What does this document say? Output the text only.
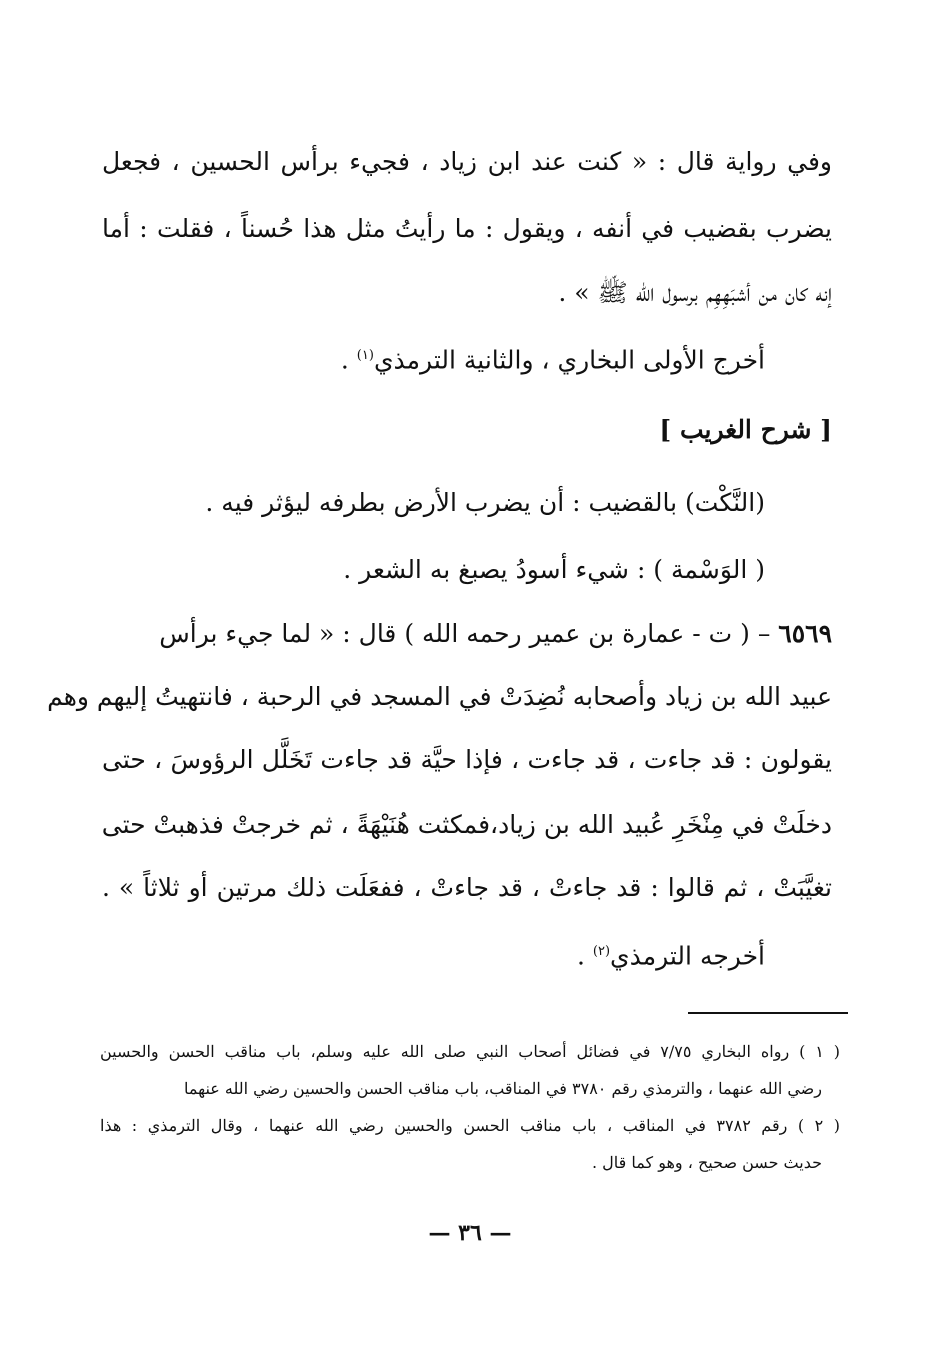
وفي رواية قال : « كنت عند ابن زياد ، فجيء برأس الحسين ، فجعل
يضرب بقضيب في أنفه ، ويقول : ما رأيتُ مثل هذا حُسناً ، فقلت : أما
إنه كان من أشبَهِهِم برسول الله ﷺ » .
أخرج الأولى البخاري ، والثانية الترمذي$^{(١)}$ .
[ شرح الغريب ]
(النَّكْت) بالقضيب : أن يضرب الأرض بطرفه ليؤثر فيه .
( الوَسْمة ) : شيء أسودُ يصبغ به الشعر .
٦٥٦٩ – ( ت - عمارة بن عمير رحمه الله ) قال : « لما جيء برأس
عبيد الله بن زياد وأصحابه نُضِدَتْ في المسجد في الرحبة ، فانتهيتُ إليهم وهم
يقولون : قد جاءت ، قد جاءت ، فإذا حيَّة قد جاءت تَخَلَّل الرؤوسَ ، حتى
دخلَتْ في مِنْخَرِ عُبيد الله بن زياد،فمكثت هُنَيْهَةً ، ثم خرجتْ فذهبتْ حتى
تغيَّبَتْ ، ثم قالوا : قد جاءتْ ، قد جاءتْ ، ففعَلَت ذلك مرتين أو ثلاثاً » .
أخرجه الترمذي$^{(٢)}$ .
( ١ ) رواه البخاري ٧/٧٥ في فضائل أصحاب النبي صلى الله عليه وسلم، باب مناقب الحسن والحسين
رضي الله عنهما ، والترمذي رقم ٣٧٨٠ في المناقب، باب مناقب الحسن والحسين رضي الله عنهما
( ٢ ) رقم ٣٧٨٢ في المناقب ، باب مناقب الحسن والحسين رضي الله عنهما ، وقال الترمذي : هذا
حديث حسن صحيح ، وهو كما قال .
— ٣٦ —
